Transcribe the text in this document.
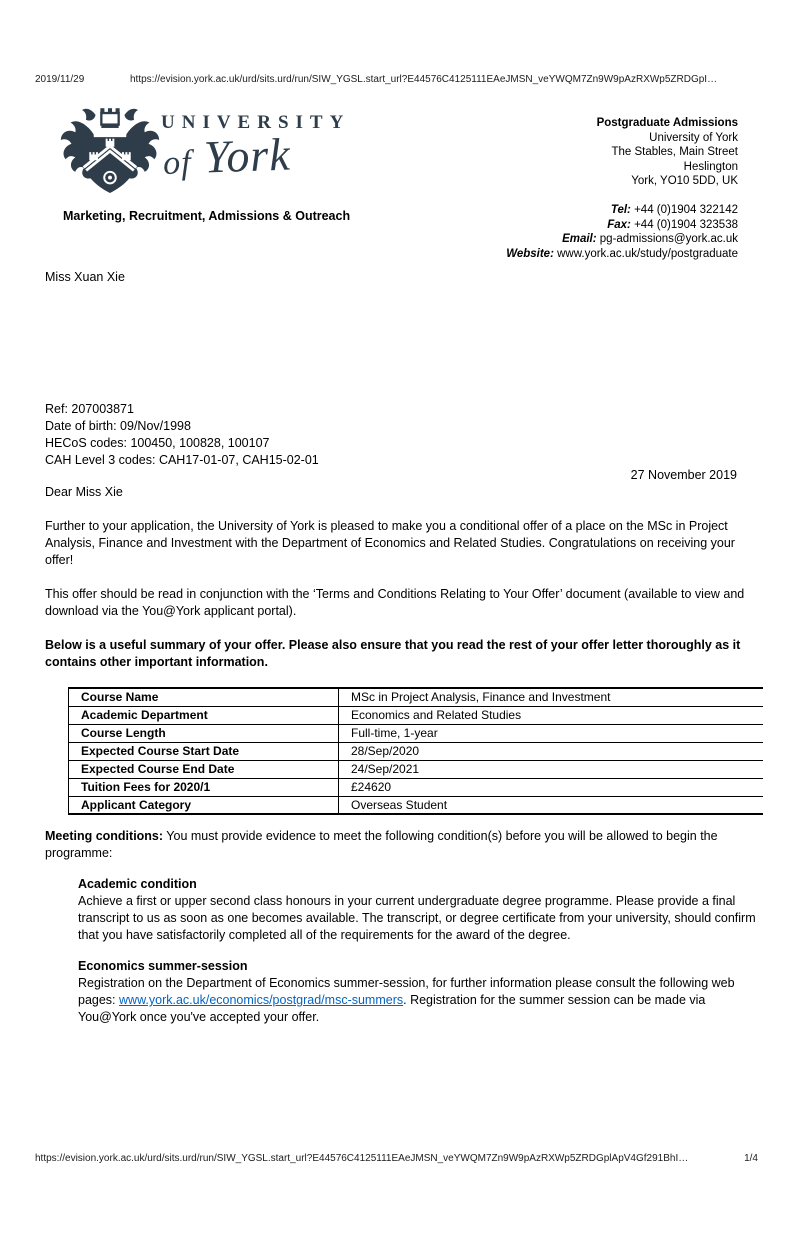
2019/11/29	https://evision.york.ac.uk/urd/sits.urd/run/SIW_YGSL.start_url?E44576C4125111EAeJMSN_veYWQM7Zn9W9pAzRXWp5ZRDGpI…
UNIVERSITY
of York
Marketing, Recruitment, Admissions & Outreach
Postgraduate Admissions
University of York
The Stables, Main Street
Heslington
York, YO10 5DD, UK
Tel: +44 (0)1904 322142
Fax: +44 (0)1904 323538
Email: pg-admissions@york.ac.uk
Website: www.york.ac.uk/study/postgraduate
Miss Xuan Xie
Ref: 207003871
Date of birth: 09/Nov/1998
HECoS codes: 100450, 100828, 100107
CAH Level 3 codes: CAH17-01-07, CAH15-02-01
27 November 2019
Dear Miss Xie
Further to your application, the University of York is pleased to make you a conditional offer of a place on the MSc in Project Analysis, Finance and Investment with the Department of Economics and Related Studies. Congratulations on receiving your offer!
This offer should be read in conjunction with the ‘Terms and Conditions Relating to Your Offer’ document (available to view and download via the You@York applicant portal).
Below is a useful summary of your offer. Please also ensure that you read the rest of your offer letter thoroughly as it contains other important information.
Course Name	MSc in Project Analysis, Finance and Investment
Academic Department	Economics and Related Studies
Course Length	Full-time, 1-year
Expected Course Start Date	28/Sep/2020
Expected Course End Date	24/Sep/2021
Tuition Fees for 2020/1	£24620
Applicant Category	Overseas Student
Meeting conditions: You must provide evidence to meet the following condition(s) before you will be allowed to begin the programme:
Academic condition
Achieve a first or upper second class honours in your current undergraduate degree programme. Please provide a final transcript to us as soon as one becomes available. The transcript, or degree certificate from your university, should confirm that you have satisfactorily completed all of the requirements for the award of the degree.
Economics summer-session
Registration on the Department of Economics summer-session, for further information please consult the following web pages: www.york.ac.uk/economics/postgrad/msc-summers. Registration for the summer session can be made via You@York once you've accepted your offer.
https://evision.york.ac.uk/urd/sits.urd/run/SIW_YGSL.start_url?E44576C4125111EAeJMSN_veYWQM7Zn9W9pAzRXWp5ZRDGplApV4Gf291BhI…	1/4
